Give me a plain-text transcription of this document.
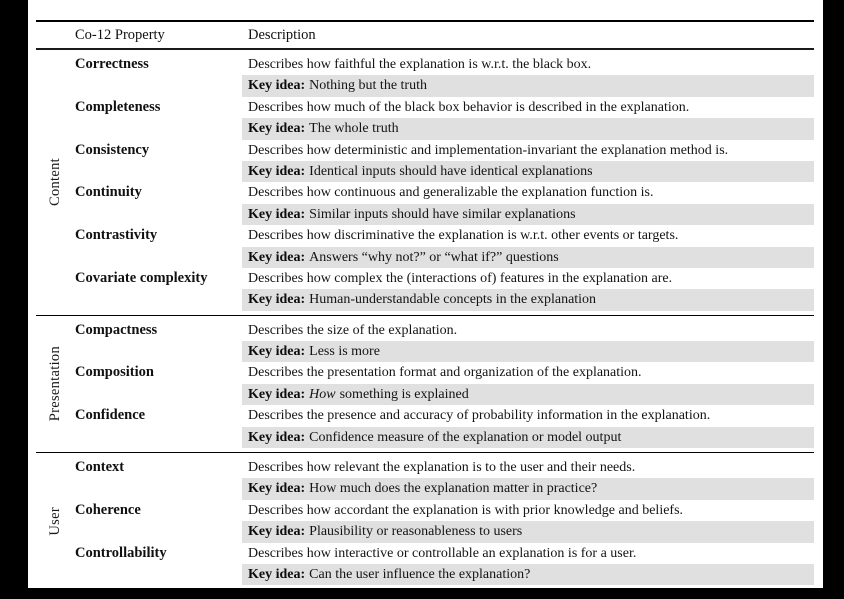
Co-12 Property	Description
Content
Correctness	Describes how faithful the explanation is w.r.t. the black box.
Key idea: Nothing but the truth
Completeness	Describes how much of the black box behavior is described in the explanation.
Key idea: The whole truth
Consistency	Describes how deterministic and implementation-invariant the explanation method is.
Key idea: Identical inputs should have identical explanations
Continuity	Describes how continuous and generalizable the explanation function is.
Key idea: Similar inputs should have similar explanations
Contrastivity	Describes how discriminative the explanation is w.r.t. other events or targets.
Key idea: Answers “why not?” or “what if?” questions
Covariate complexity	Describes how complex the (interactions of) features in the explanation are.
Key idea: Human-understandable concepts in the explanation
Presentation
Compactness	Describes the size of the explanation.
Key idea: Less is more
Composition	Describes the presentation format and organization of the explanation.
Key idea: How something is explained
Confidence	Describes the presence and accuracy of probability information in the explanation.
Key idea: Confidence measure of the explanation or model output
User
Context	Describes how relevant the explanation is to the user and their needs.
Key idea: How much does the explanation matter in practice?
Coherence	Describes how accordant the explanation is with prior knowledge and beliefs.
Key idea: Plausibility or reasonableness to users
Controllability	Describes how interactive or controllable an explanation is for a user.
Key idea: Can the user influence the explanation?
